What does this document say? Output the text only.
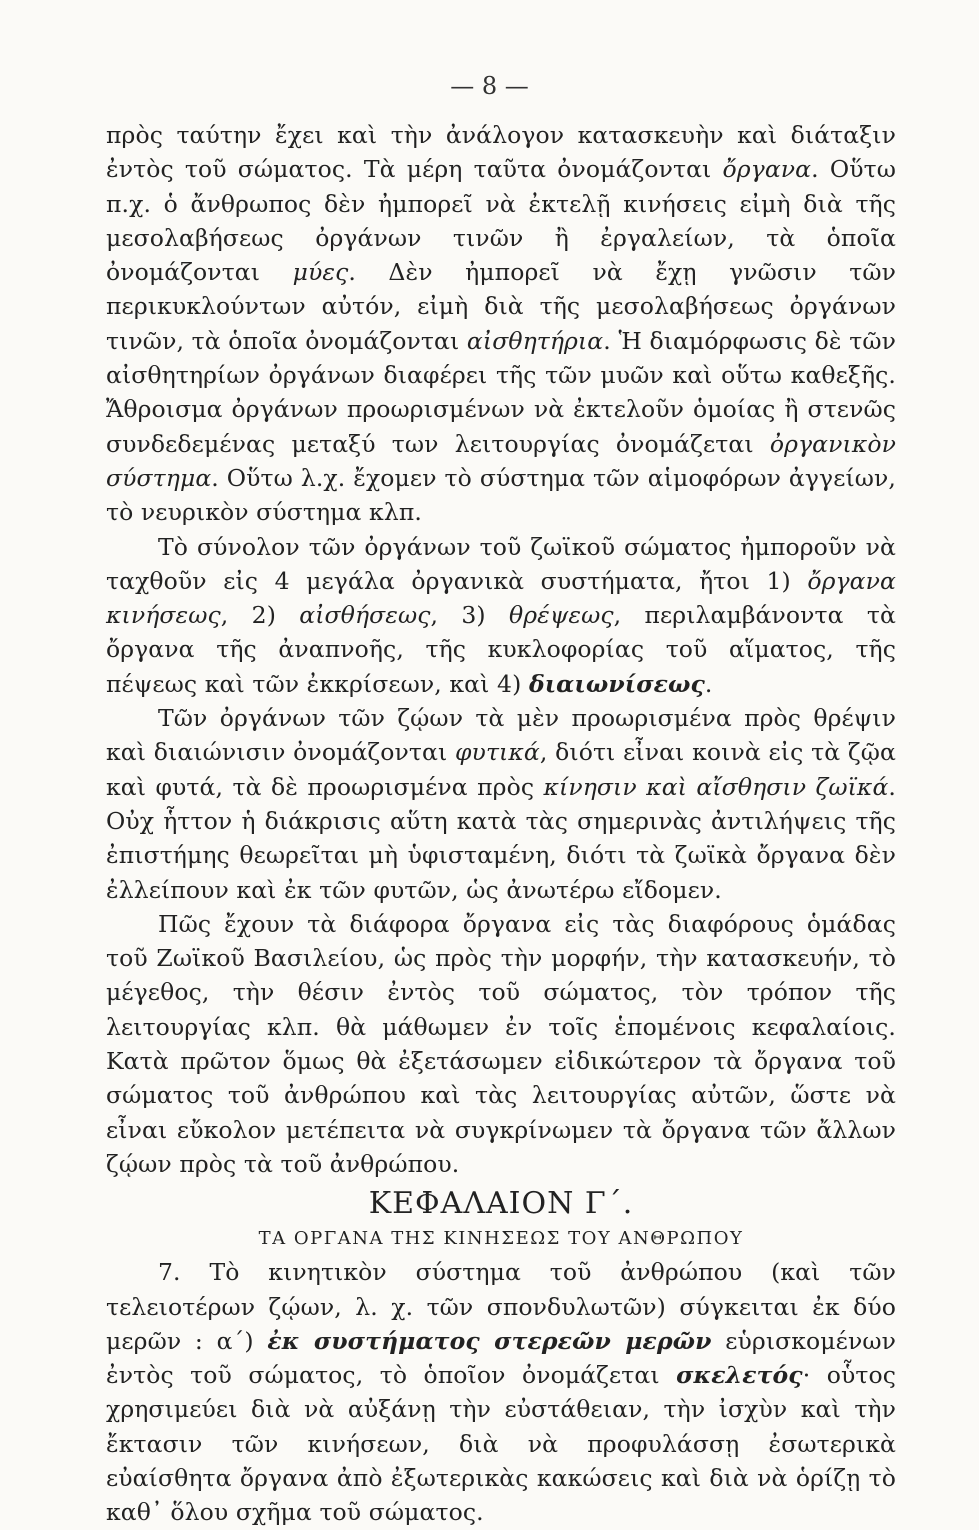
— 8 —

πρὸς ταύτην ἔχει καὶ τὴν ἀνάλογον κατασκευὴν καὶ διάταξιν ἐντὸς τοῦ σώματος. Τὰ μέρη ταῦτα ὀνομάζονται ὄργανα. Οὕτω π.χ. ὁ ἄνθρωπος δὲν ἠμπορεῖ νὰ ἐκτελῇ κινήσεις εἰμὴ διὰ τῆς μεσολαβήσεως ὀργάνων τινῶν ἢ ἐργαλείων, τὰ ὁποῖα ὀνομάζονται μύες. Δὲν ἠμπορεῖ νὰ ἔχῃ γνῶσιν τῶν περικυκλούντων αὐτόν, εἰμὴ διὰ τῆς μεσολαβήσεως ὀργάνων τινῶν, τὰ ὁποῖα ὀνομάζονται αἰσθητήρια. Ἡ διαμόρφωσις δὲ τῶν αἰσθητηρίων ὀργάνων διαφέρει τῆς τῶν μυῶν καὶ οὕτω καθεξῆς. Ἄθροισμα ὀργάνων προωρισμένων νὰ ἐκτελοῦν ὁμοίας ἢ στενῶς συνδεδεμένας μεταξύ των λειτουργίας ὀνομάζεται ὀργανικὸν σύστημα. Οὕτω λ.χ. ἔχομεν τὸ σύστημα τῶν αἱμοφόρων ἀγγείων, τὸ νευρικὸν σύστημα κλπ.

Τὸ σύνολον τῶν ὀργάνων τοῦ ζωϊκοῦ σώματος ἠμποροῦν νὰ ταχθοῦν εἰς 4 μεγάλα ὀργανικὰ συστήματα, ἤτοι 1) ὄργανα κινήσεως, 2) αἰσθήσεως, 3) θρέψεως, περιλαμβάνοντα τὰ ὄργανα τῆς ἀναπνοῆς, τῆς κυκλοφορίας τοῦ αἵματος, τῆς πέψεως καὶ τῶν ἐκκρίσεων, καὶ 4) διαιωνίσεως.

Τῶν ὀργάνων τῶν ζῴων τὰ μὲν προωρισμένα πρὸς θρέψιν καὶ διαιώνισιν ὀνομάζονται φυτικά, διότι εἶναι κοινὰ εἰς τὰ ζῷα καὶ φυτά, τὰ δὲ προωρισμένα πρὸς κίνησιν καὶ αἴσθησιν ζωϊκά. Οὐχ ἧττον ἡ διάκρισις αὕτη κατὰ τὰς σημερινὰς ἀντιλήψεις τῆς ἐπιστήμης θεωρεῖται μὴ ὑφισταμένη, διότι τὰ ζωϊκὰ ὄργανα δὲν ἐλλείπουν καὶ ἐκ τῶν φυτῶν, ὡς ἀνωτέρω εἴδομεν.

Πῶς ἔχουν τὰ διάφορα ὄργανα εἰς τὰς διαφόρους ὁμάδας τοῦ Ζωϊκοῦ Βασιλείου, ὡς πρὸς τὴν μορφήν, τὴν κατασκευήν, τὸ μέγεθος, τὴν θέσιν ἐντὸς τοῦ σώματος, τὸν τρόπον τῆς λειτουργίας κλπ. θὰ μάθωμεν ἐν τοῖς ἑπομένοις κεφαλαίοις. Κατὰ πρῶτον ὅμως θὰ ἐξετάσωμεν εἰδικώτερον τὰ ὄργανα τοῦ σώματος τοῦ ἀνθρώπου καὶ τὰς λειτουργίας αὐτῶν, ὥστε νὰ εἶναι εὔκολον μετέπειτα νὰ συγκρίνωμεν τὰ ὄργανα τῶν ἄλλων ζῴων πρὸς τὰ τοῦ ἀνθρώπου.

ΚΕΦΑΛΑΙΟΝ Γ΄.
ΤΑ ΟΡΓΑΝΑ ΤΗΣ ΚΙΝΗΣΕΩΣ ΤΟΥ ΑΝΘΡΩΠΟΥ

7. Τὸ κινητικὸν σύστημα τοῦ ἀνθρώπου (καὶ τῶν τελειοτέρων ζῴων, λ. χ. τῶν σπονδυλωτῶν) σύγκειται ἐκ δύο μερῶν : α΄) ἐκ συστήματος στερεῶν μερῶν εὑρισκομένων ἐντὸς τοῦ σώματος, τὸ ὁποῖον ὀνομάζεται σκελετός· οὗτος χρησιμεύει διὰ νὰ αὐξάνῃ τὴν εὐστάθειαν, τὴν ἰσχὺν καὶ τὴν ἔκτασιν τῶν κινήσεων, διὰ νὰ προφυλάσσῃ ἐσωτερικὰ εὐαίσθητα ὄργανα ἀπὸ ἐξωτερικὰς κακώσεις καὶ διὰ νὰ ὁρίζῃ τὸ καθ᾽ ὅλου σχῆμα τοῦ σώματος.
